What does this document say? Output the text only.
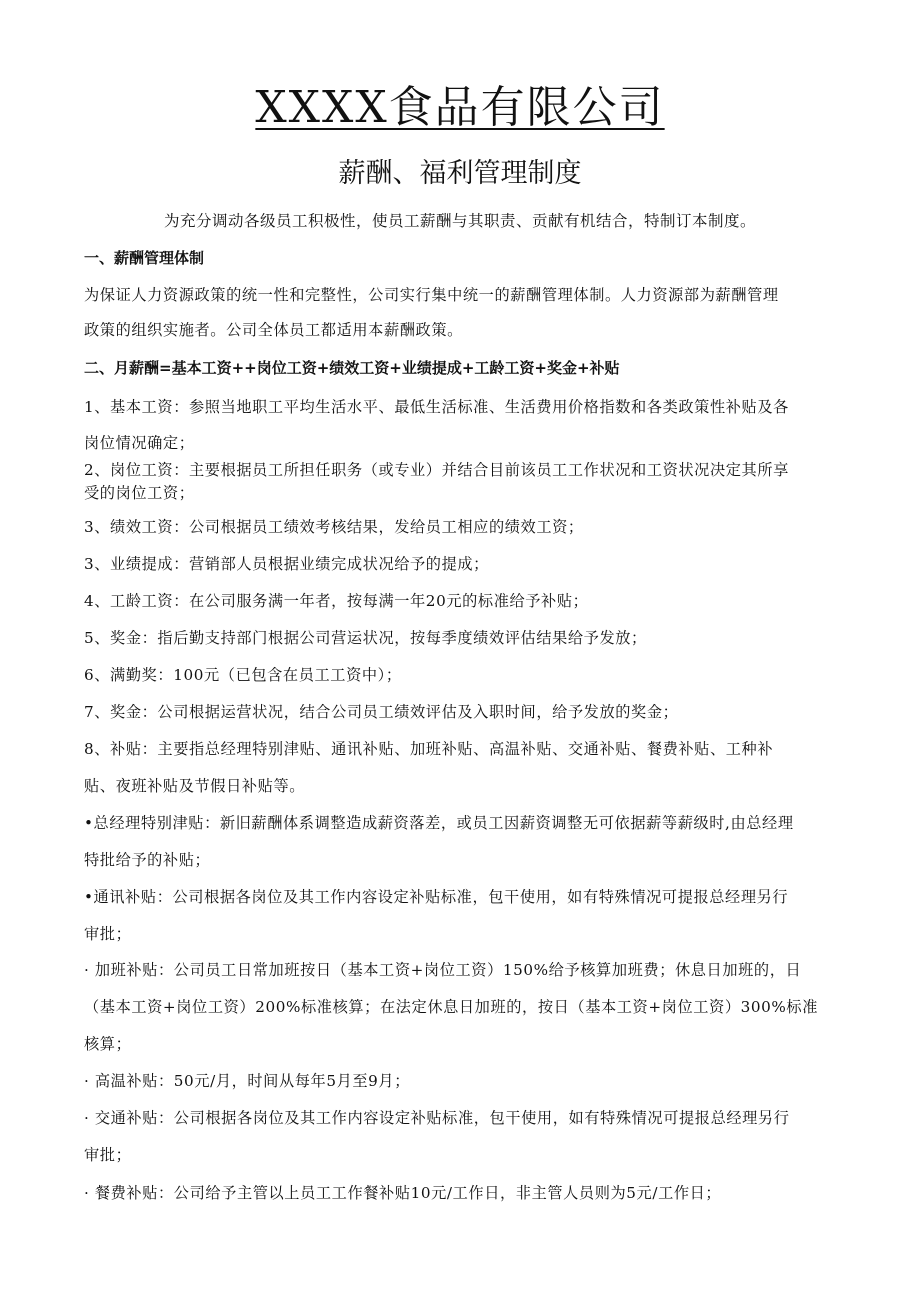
XXXX食品有限公司
薪酬、福利管理制度
为充分调动各级员工积极性，使员工薪酬与其职责、贡献有机结合，特制订本制度。
一、薪酬管理体制
为保证人力资源政策的统一性和完整性，公司实行集中统一的薪酬管理体制。人力资源部为薪酬管理
政策的组织实施者。公司全体员工都适用本薪酬政策。
二、月薪酬=基本工资++岗位工资+绩效工资+业绩提成+工龄工资+奖金+补贴
1、基本工资：参照当地职工平均生活水平、最低生活标准、生活费用价格指数和各类政策性补贴及各
岗位情况确定；
2、岗位工资：主要根据员工所担任职务（或专业）并结合目前该员工工作状况和工资状况决定其所享
受的岗位工资；
3、绩效工资：公司根据员工绩效考核结果，发给员工相应的绩效工资；
3、业绩提成：营销部人员根据业绩完成状况给予的提成；
4、工龄工资：在公司服务满一年者，按每满一年20元的标准给予补贴；
5、奖金：指后勤支持部门根据公司营运状况，按每季度绩效评估结果给予发放；
6、满勤奖：100元（已包含在员工工资中）；
7、奖金：公司根据运营状况，结合公司员工绩效评估及入职时间，给予发放的奖金；
8、补贴：主要指总经理特别津贴、通讯补贴、加班补贴、高温补贴、交通补贴、餐费补贴、工种补
贴、夜班补贴及节假日补贴等。
•总经理特别津贴：新旧薪酬体系调整造成薪资落差，或员工因薪资调整无可依据薪等薪级时,由总经理
特批给予的补贴；
•通讯补贴：公司根据各岗位及其工作内容设定补贴标准，包干使用，如有特殊情况可提报总经理另行
审批；
· 加班补贴：公司员工日常加班按日（基本工资+岗位工资）150%给予核算加班费；休息日加班的，日
（基本工资+岗位工资）200%标准核算；在法定休息日加班的，按日（基本工资+岗位工资）300%标准
核算；
· 高温补贴：50元/月，时间从每年5月至9月；
· 交通补贴：公司根据各岗位及其工作内容设定补贴标准，包干使用，如有特殊情况可提报总经理另行
审批；
· 餐费补贴：公司给予主管以上员工工作餐补贴10元/工作日，非主管人员则为5元/工作日；
